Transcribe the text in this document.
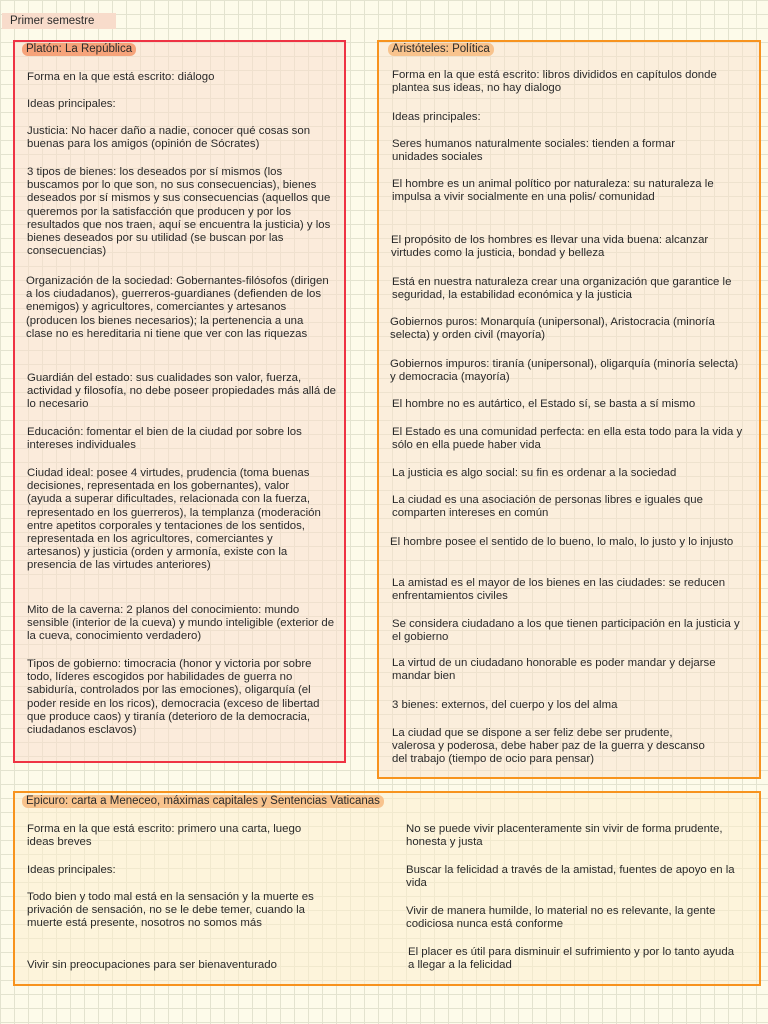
Primer semestre
Platón: La República

Forma en la que está escrito: diálogo

Ideas principales:

Justicia: No hacer daño a nadie, conocer qué cosas son buenas para los amigos (opinión de Sócrates)

3 tipos de bienes: los deseados por sí mismos (los buscamos por lo que son, no sus consecuencias), bienes deseados por sí mismos y sus consecuencias (aquellos que queremos por la satisfacción que producen y por los resultados que nos traen, aquí se encuentra la justicia) y los bienes deseados por su utilidad (se buscan por las consecuencias)

Organización de la sociedad: Gobernantes-filósofos (dirigen a los ciudadanos), guerreros-guardianes (defienden de los enemigos) y agricultores, comerciantes y artesanos (producen los bienes necesarios); la pertenencia a una clase no es hereditaria ni tiene que ver con las riquezas

Guardián del estado: sus cualidades son valor, fuerza, actividad y filosofía, no debe poseer propiedades más allá de lo necesario

Educación: fomentar el bien de la ciudad por sobre los intereses individuales

Ciudad ideal: posee 4 virtudes, prudencia (toma buenas decisiones, representada en los gobernantes), valor (ayuda a superar dificultades, relacionada con la fuerza, representado en los guerreros), la templanza (moderación entre apetitos corporales y tentaciones de los sentidos, representada en los agricultores, comerciantes y artesanos) y justicia (orden y armonía, existe con la presencia de las virtudes anteriores)

Mito de la caverna: 2 planos del conocimiento: mundo sensible (interior de la cueva) y mundo inteligible (exterior de la cueva, conocimiento verdadero)

Tipos de gobierno: timocracia (honor y victoria por sobre todo, líderes escogidos por habilidades de guerra no sabiduría, controlados por las emociones), oligarquía (el poder reside en los ricos), democracia (exceso de libertad que produce caos) y tiranía (deterioro de la democracia, ciudadanos esclavos)

Aristóteles: Política

Forma en la que está escrito: libros divididos en capítulos donde plantea sus ideas, no hay dialogo

Ideas principales:

Seres humanos naturalmente sociales: tienden a formar unidades sociales

El hombre es un animal político por naturaleza: su naturaleza le impulsa a vivir socialmente en una polis/ comunidad

El propósito de los hombres es llevar una vida buena: alcanzar virtudes como la justicia, bondad y belleza

Está en nuestra naturaleza crear una organización que garantice le seguridad, la estabilidad económica y la justicia

Gobiernos puros: Monarquía (unipersonal), Aristocracia (minoría selecta) y orden civil (mayoría)

Gobiernos impuros: tiranía (unipersonal), oligarquía (minoría selecta) y democracia (mayoría)

El hombre no es autártico, el Estado sí, se basta a sí mismo

El Estado es una comunidad perfecta: en ella esta todo para la vida y sólo en ella puede haber vida

La justicia es algo social: su fin es ordenar a la sociedad

La ciudad es una asociación de personas libres e iguales que comparten intereses en común

El hombre posee el sentido de lo bueno, lo malo, lo justo y lo injusto

La amistad es el mayor de los bienes en las ciudades: se reducen enfrentamientos civiles

Se considera ciudadano a los que tienen participación en la justicia y el gobierno

La virtud de un ciudadano honorable es poder mandar y dejarse mandar bien

3 bienes: externos, del cuerpo y los del alma

La ciudad que se dispone a ser feliz debe ser prudente, valerosa y poderosa, debe haber paz de la guerra y descanso del trabajo (tiempo de ocio para pensar)

Epicuro: carta a Meneceo, máximas capitales y Sentencias Vaticanas

Forma en la que está escrito: primero una carta, luego ideas breves

Ideas principales:

Todo bien y todo mal está en la sensación y la muerte es privación de sensación, no se le debe temer, cuando la muerte está presente, nosotros no somos más

Vivir sin preocupaciones para ser bienaventurado

No se puede vivir placenteramente sin vivir de forma prudente, honesta y justa

Buscar la felicidad a través de la amistad, fuentes de apoyo en la vida

Vivir de manera humilde, lo material no es relevante, la gente codiciosa nunca está conforme

El placer es útil para disminuir el sufrimiento y por lo tanto ayuda a llegar a la felicidad
